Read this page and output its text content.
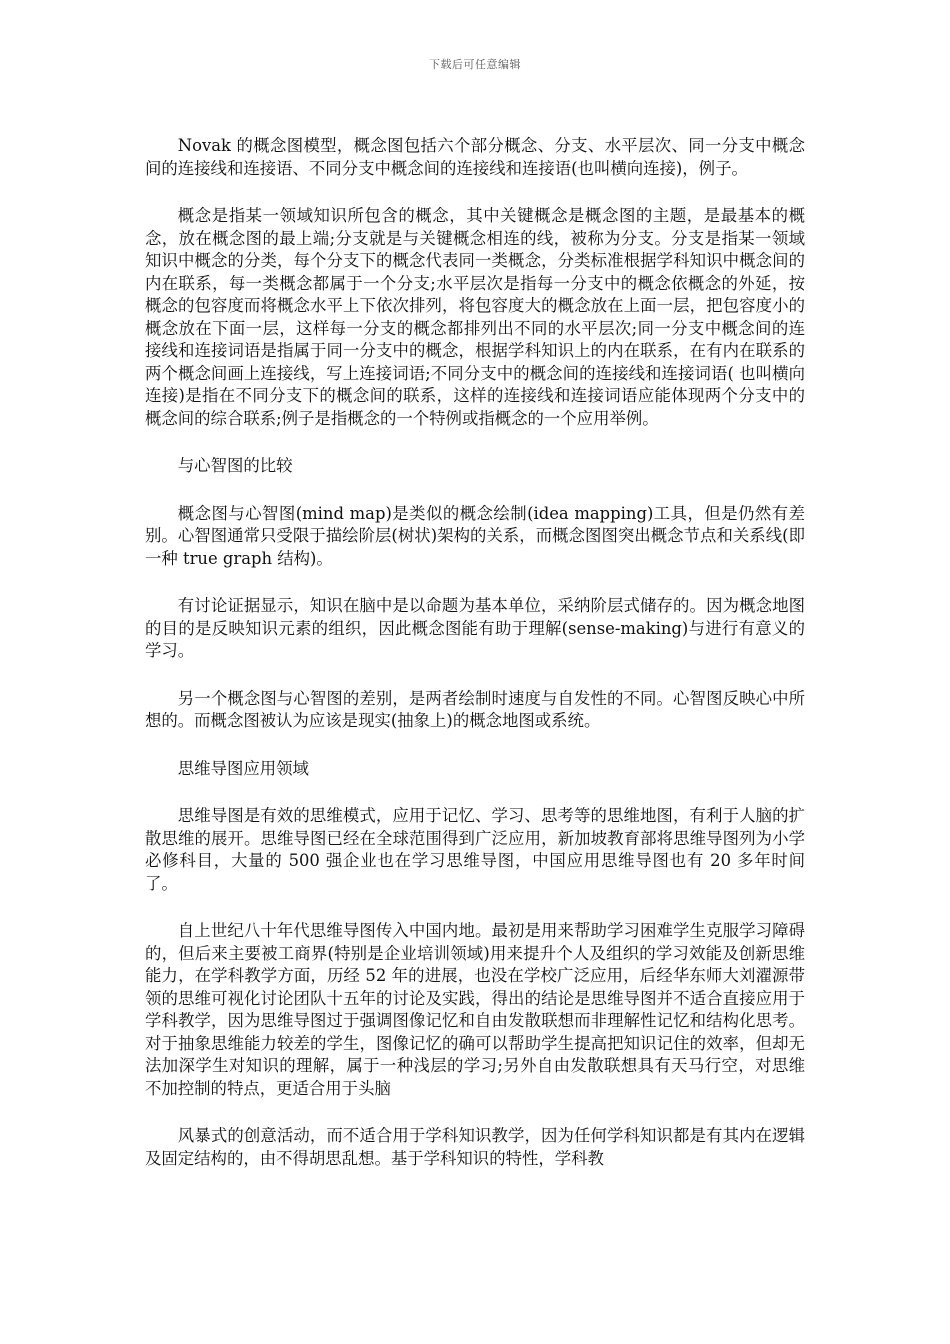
下载后可任意编辑

Novak 的概念图模型，概念图包括六个部分概念、分支、水平层次、同一分支中概念间的连接线和连接语、不同分支中概念间的连接线和连接语(也叫横向连接)，例子。

概念是指某一领域知识所包含的概念，其中关键概念是概念图的主题，是最基本的概念，放在概念图的最上端;分支就是与关键概念相连的线，被称为分支。分支是指某一领域知识中概念的分类，每个分支下的概念代表同一类概念，分类标准根据学科知识中概念间的内在联系，每一类概念都属于一个分支;水平层次是指每一分支中的概念依概念的外延，按概念的包容度而将概念水平上下依次排列，将包容度大的概念放在上面一层，把包容度小的概念放在下面一层，这样每一分支的概念都排列出不同的水平层次;同一分支中概念间的连接线和连接词语是指属于同一分支中的概念，根据学科知识上的内在联系，在有内在联系的两个概念间画上连接线，写上连接词语;不同分支中的概念间的连接线和连接词语( 也叫横向连接)是指在不同分支下的概念间的联系，这样的连接线和连接词语应能体现两个分支中的概念间的综合联系;例子是指概念的一个特例或指概念的一个应用举例。

与心智图的比较

概念图与心智图(mind map)是类似的概念绘制(idea mapping)工具，但是仍然有差别。心智图通常只受限于描绘阶层(树状)架构的关系，而概念图图突出概念节点和关系线(即一种 true graph 结构)。

有讨论证据显示，知识在脑中是以命题为基本单位，采纳阶层式储存的。因为概念地图的目的是反映知识元素的组织，因此概念图能有助于理解(sense-making)与进行有意义的学习。

另一个概念图与心智图的差别，是两者绘制时速度与自发性的不同。心智图反映心中所想的。而概念图被认为应该是现实(抽象上)的概念地图或系统。

思维导图应用领域

思维导图是有效的思维模式，应用于记忆、学习、思考等的思维地图，有利于人脑的扩散思维的展开。思维导图已经在全球范围得到广泛应用，新加坡教育部将思维导图列为小学必修科目，大量的 500 强企业也在学习思维导图，中国应用思维导图也有 20 多年时间了。

自上世纪八十年代思维导图传入中国内地。最初是用来帮助学习困难学生克服学习障碍的，但后来主要被工商界(特别是企业培训领域)用来提升个人及组织的学习效能及创新思维能力，在学科教学方面，历经 52 年的进展，也没在学校广泛应用，后经华东师大刘濯源带领的思维可视化讨论团队十五年的讨论及实践，得出的结论是思维导图并不适合直接应用于学科教学，因为思维导图过于强调图像记忆和自由发散联想而非理解性记忆和结构化思考。对于抽象思维能力较差的学生，图像记忆的确可以帮助学生提高把知识记住的效率，但却无法加深学生对知识的理解，属于一种浅层的学习;另外自由发散联想具有天马行空，对思维不加控制的特点，更适合用于头脑

风暴式的创意活动，而不适合用于学科知识教学，因为任何学科知识都是有其内在逻辑及固定结构的，由不得胡思乱想。基于学科知识的特性，学科教
